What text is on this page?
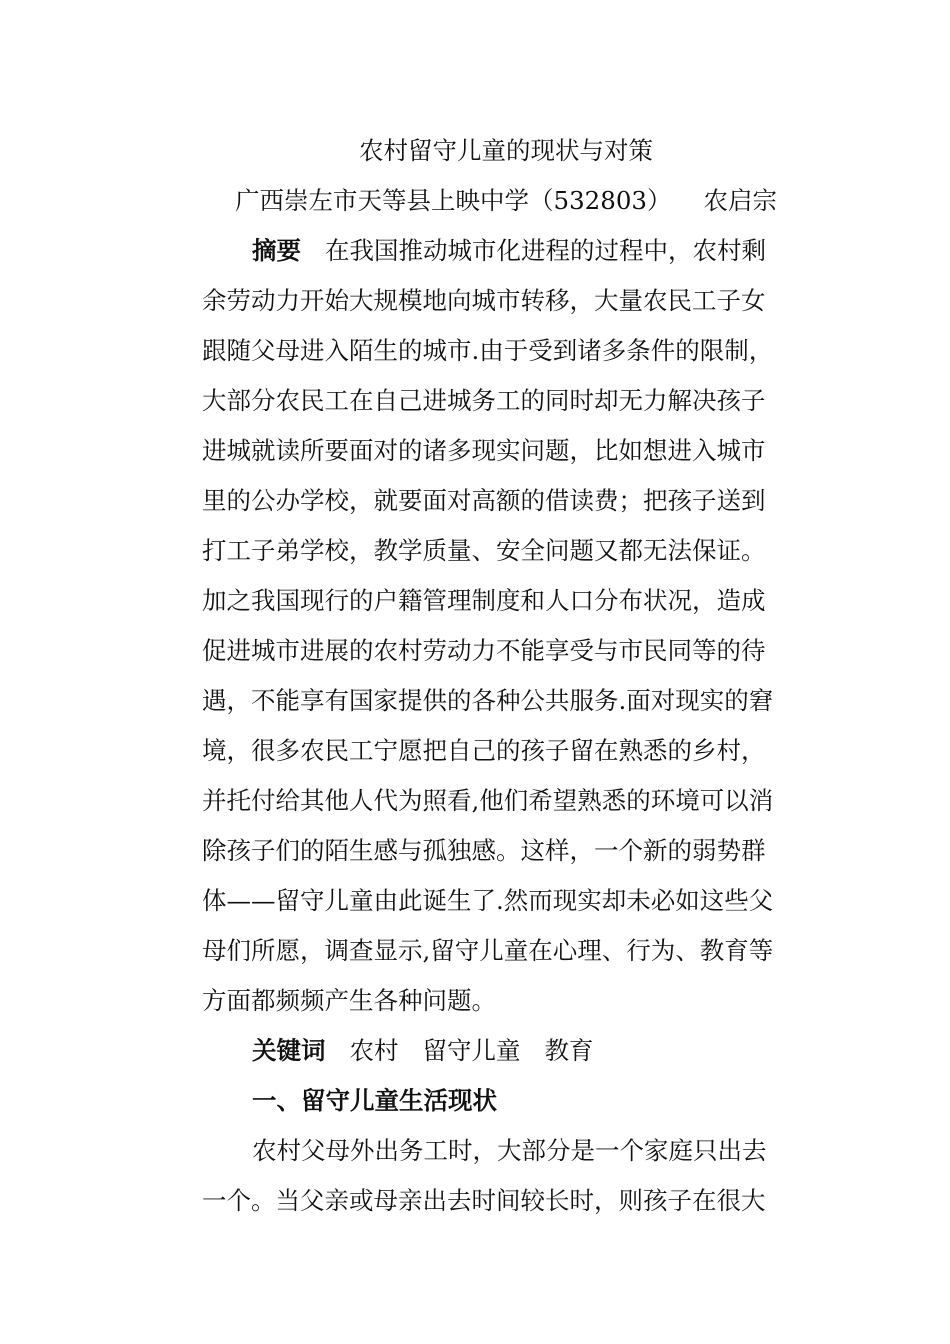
农村留守儿童的现状与对策
广西崇左市天等县上映中学（532803） 农启宗
摘要 在我国推动城市化进程的过程中，农村剩
余劳动力开始大规模地向城市转移，大量农民工子女
跟随父母进入陌生的城市.由于受到诸多条件的限制，
大部分农民工在自己进城务工的同时却无力解决孩子
进城就读所要面对的诸多现实问题，比如想进入城市
里的公办学校，就要面对高额的借读费；把孩子送到
打工子弟学校，教学质量、安全问题又都无法保证。
加之我国现行的户籍管理制度和人口分布状况，造成
促进城市进展的农村劳动力不能享受与市民同等的待
遇，不能享有国家提供的各种公共服务.面对现实的窘
境，很多农民工宁愿把自己的孩子留在熟悉的乡村，
并托付给其他人代为照看,他们希望熟悉的环境可以消
除孩子们的陌生感与孤独感。这样，一个新的弱势群
体——留守儿童由此诞生了.然而现实却未必如这些父
母们所愿，调查显示,留守儿童在心理、行为、教育等
方面都频频产生各种问题。
关键词 农村 留守儿童 教育
一、留守儿童生活现状
农村父母外出务工时，大部分是一个家庭只出去
一个。当父亲或母亲出去时间较长时，则孩子在很大
